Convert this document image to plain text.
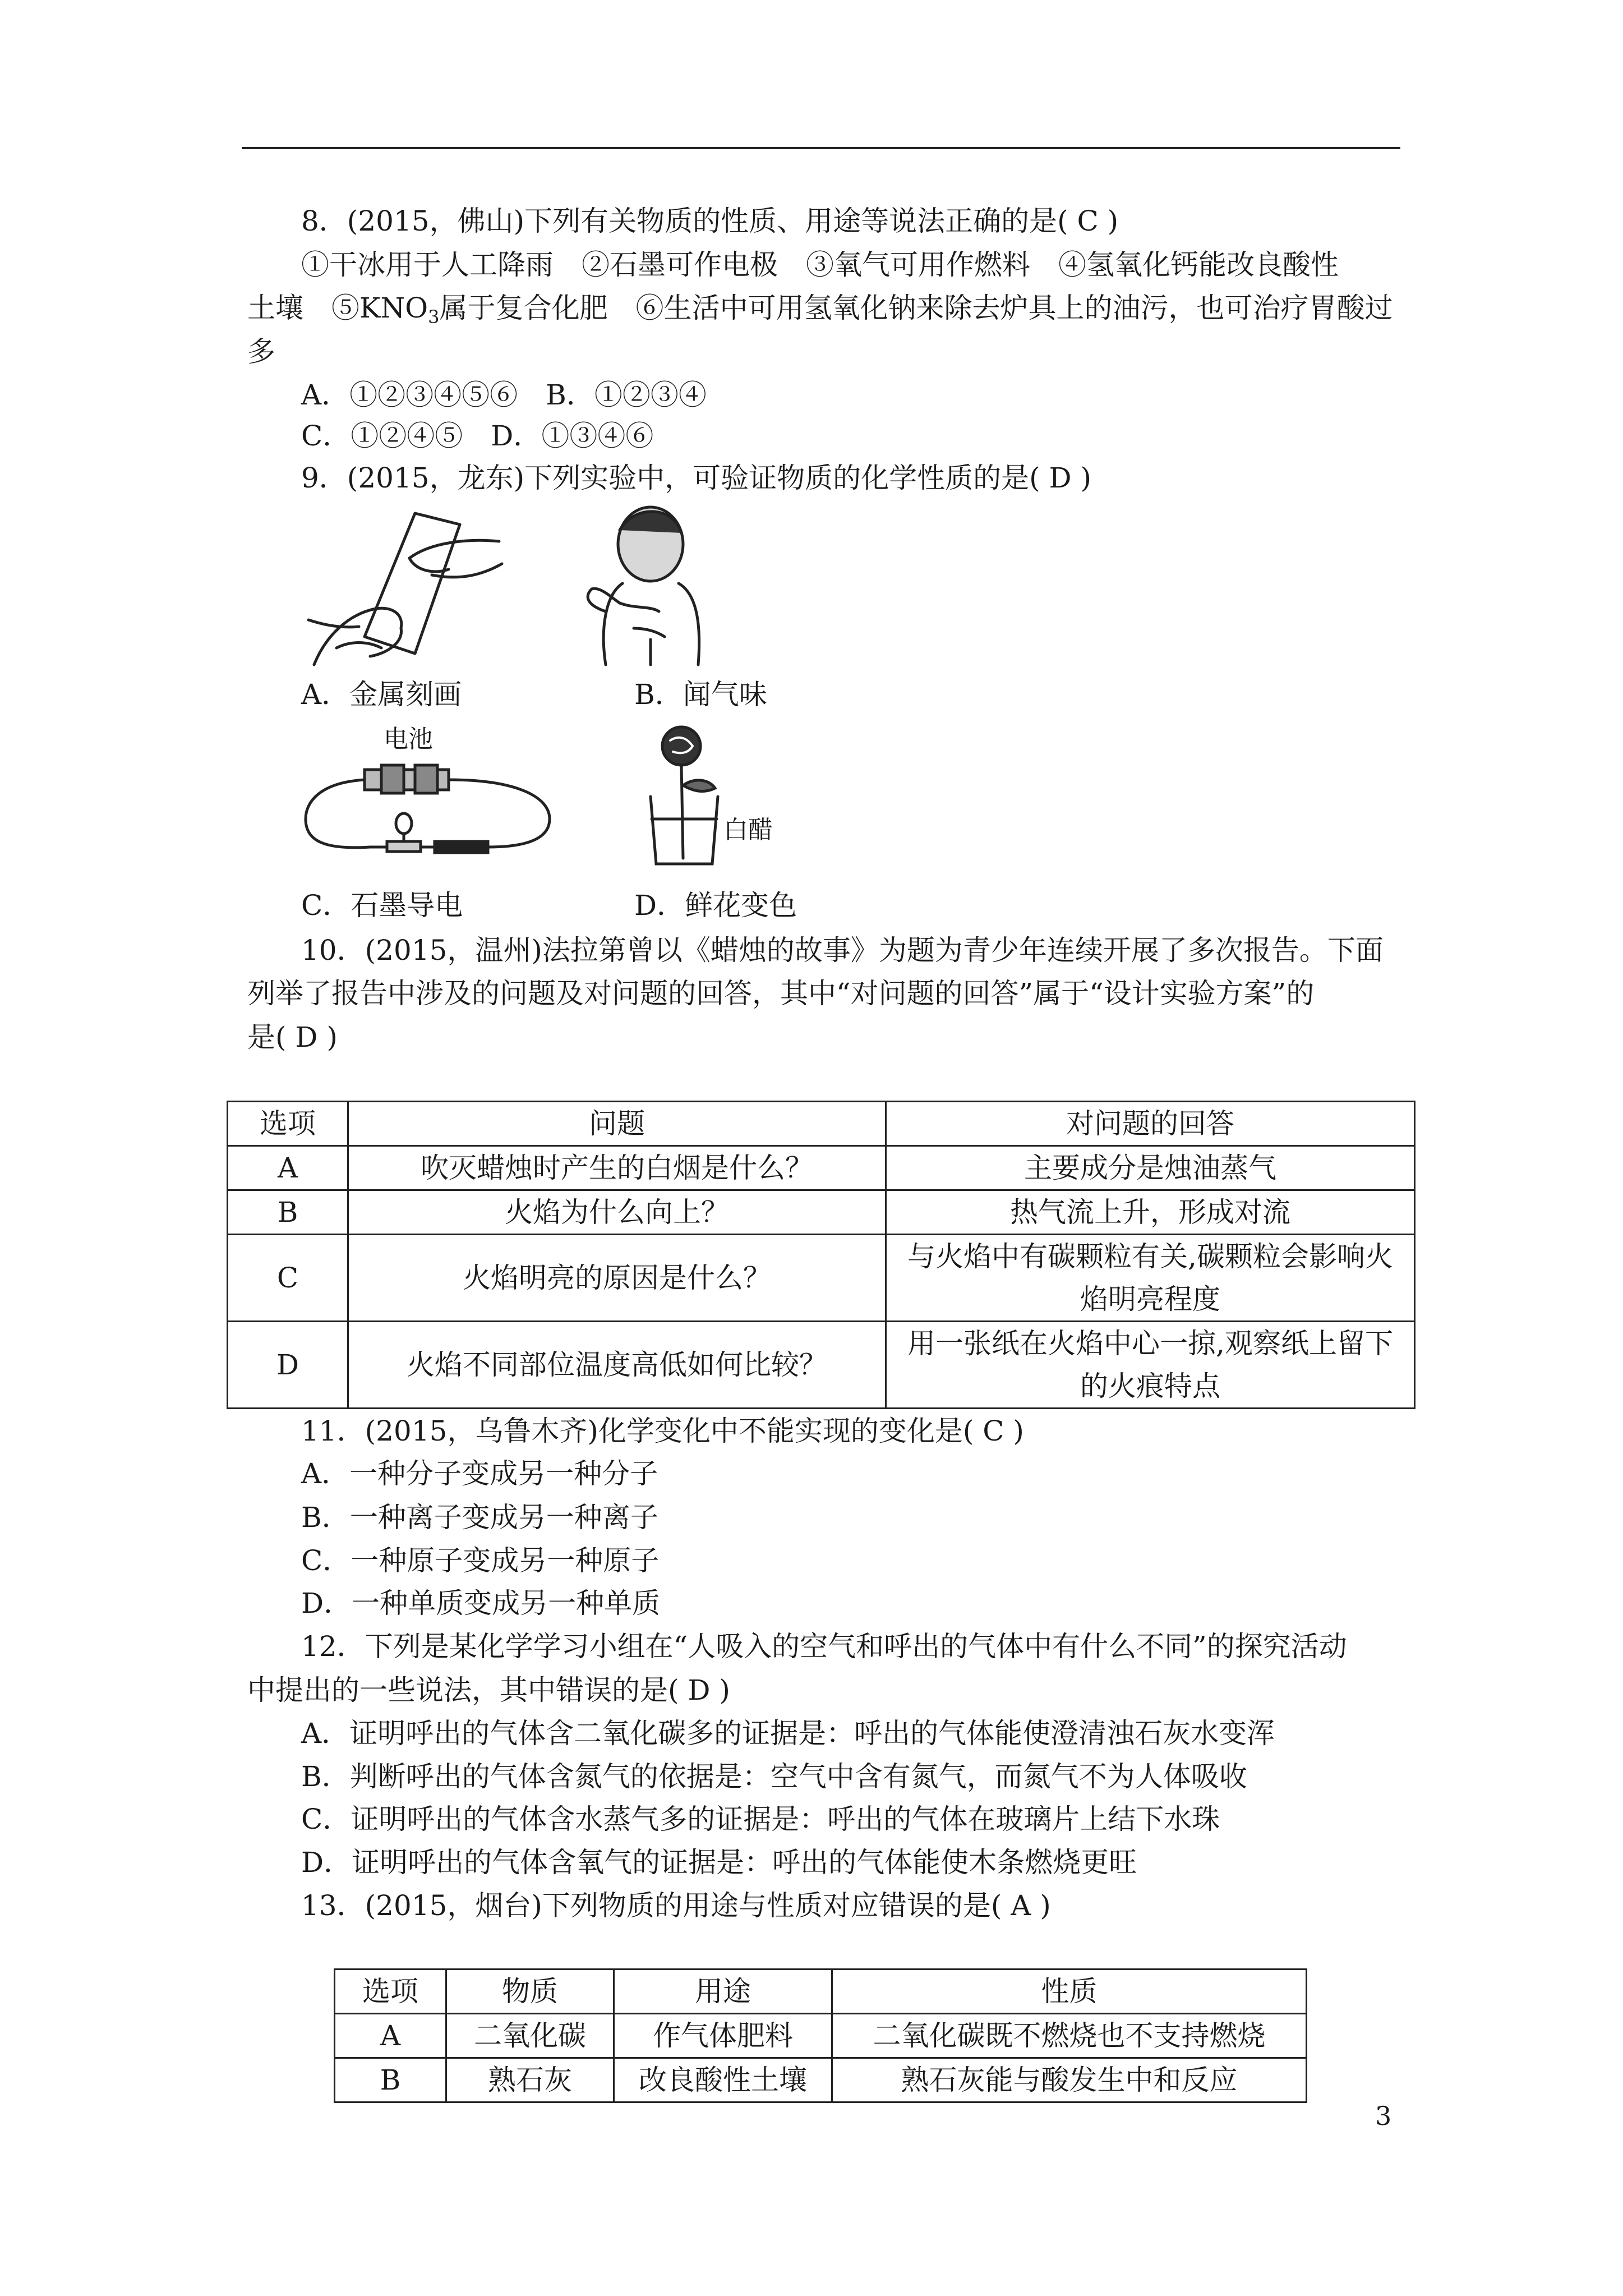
8．(2015，佛山)下列有关物质的性质、用途等说法正确的是( C )
①干冰用于人工降雨　②石墨可作电极　③氧气可用作燃料　④氢氧化钙能改良酸性
土壤　$⑤KNO_3$属于复合化肥　⑥生活中可用氢氧化钠来除去炉具上的油污，也可治疗胃酸过
多
A．①②③④⑤⑥　B．①②③④
C．①②④⑤　D．①③④⑥
9．(2015，龙东)下列实验中，可验证物质的化学性质的是( D )
A．金属刻画	B．闻气味
电池
白醋
C．石墨导电	D．鲜花变色
10．(2015，温州)法拉第曾以《蜡烛的故事》为题为青少年连续开展了多次报告。下面
列举了报告中涉及的问题及对问题的回答，其中“对问题的回答”属于“设计实验方案”的
是( D )
选项	问题	对问题的回答
A	吹灭蜡烛时产生的白烟是什么？	主要成分是烛油蒸气

B	火焰为什么向上？	热气流上升，形成对流

C	火焰明亮的原因是什么？	与火焰中有碳颗粒有关,碳颗粒会影响火
焰明亮程度

D	火焰不同部位温度高低如何比较？	用一张纸在火焰中心一掠,观察纸上留下
的火痕特点
11．(2015，乌鲁木齐)化学变化中不能实现的变化是( C )
A．一种分子变成另一种分子
B．一种离子变成另一种离子
C．一种原子变成另一种原子
D．一种单质变成另一种单质
12．下列是某化学学习小组在“人吸入的空气和呼出的气体中有什么不同”的探究活动
中提出的一些说法，其中错误的是( D )
A．证明呼出的气体含二氧化碳多的证据是：呼出的气体能使澄清浊石灰水变浑
B．判断呼出的气体含氮气的依据是：空气中含有氮气，而氮气不为人体吸收
C．证明呼出的气体含水蒸气多的证据是：呼出的气体在玻璃片上结下水珠
D．证明呼出的气体含氧气的证据是：呼出的气体能使木条燃烧更旺
13．(2015，烟台)下列物质的用途与性质对应错误的是( A )
选项	物质	用途	性质
A	二氧化碳	作气体肥料	二氧化碳既不燃烧也不支持燃烧
B	熟石灰	改良酸性土壤	熟石灰能与酸发生中和反应
3
